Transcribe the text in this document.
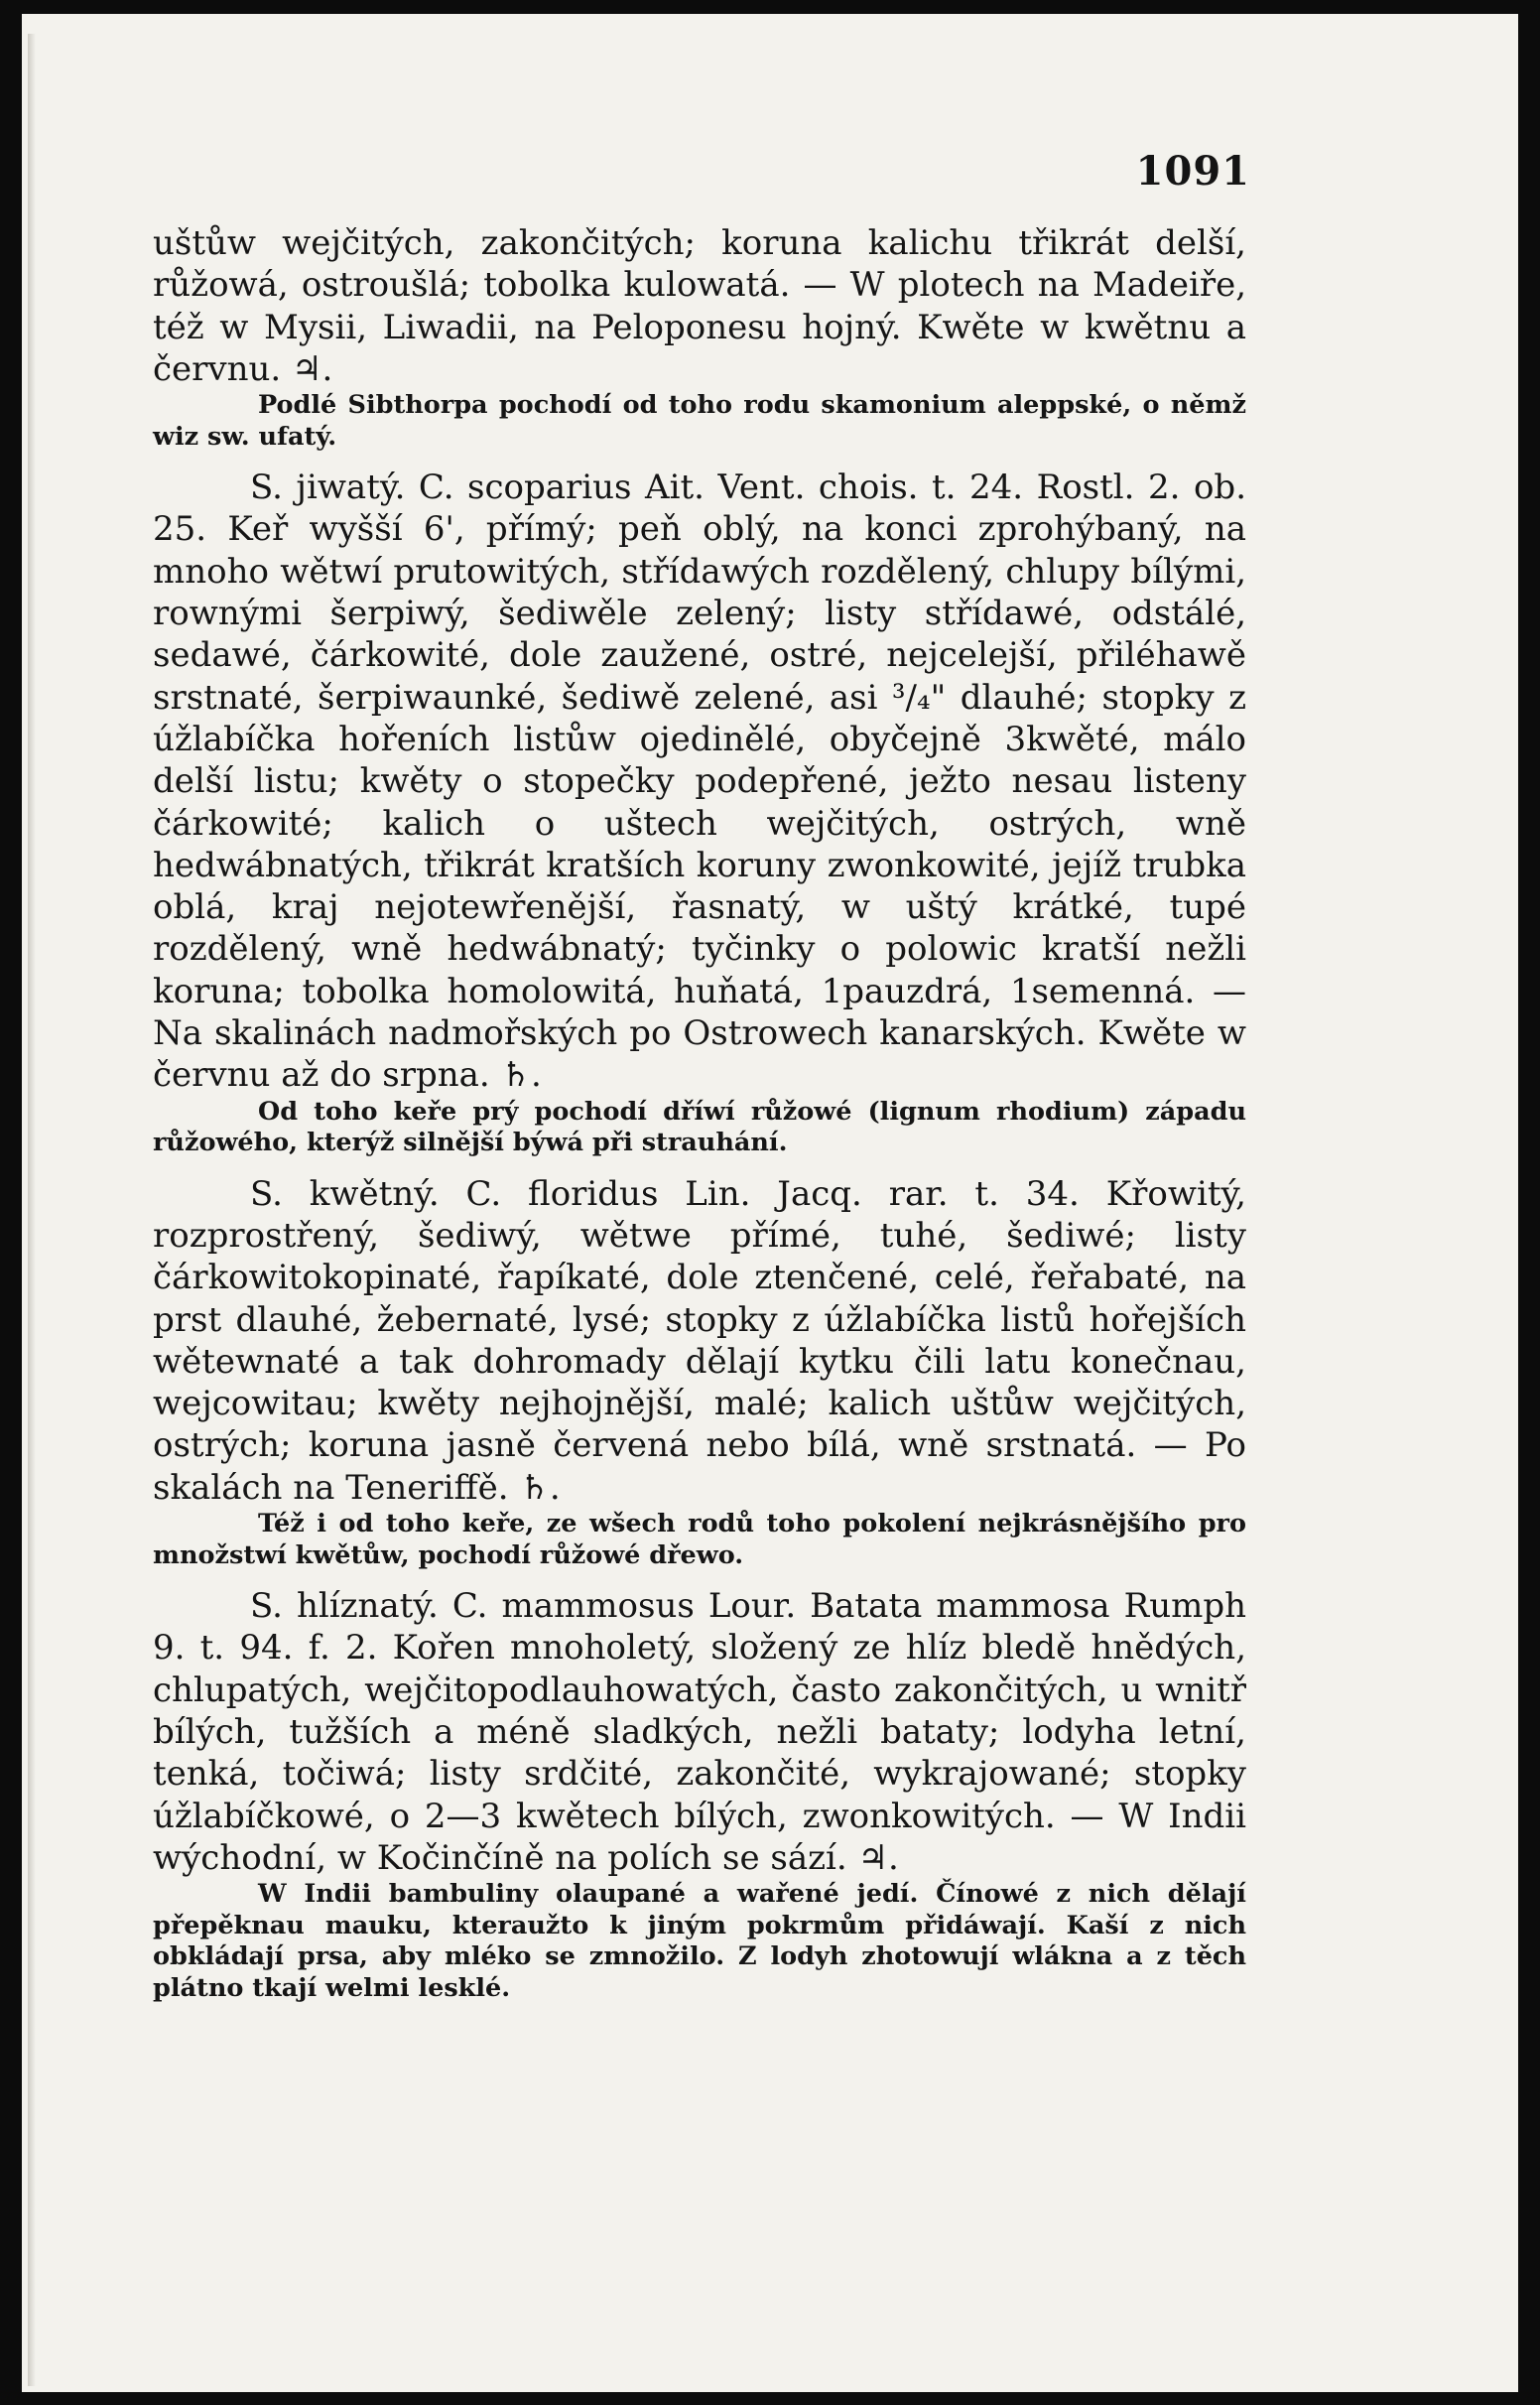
1091

uštůw wejčitých, zakončitých; koruna kalichu třikrát delší, růžowá, ostroušlá; tobolka kulowatá. — W plotech na Madeiře, též w Mysii, Liwadii, na Peloponesu hojný. Kwěte w kwětnu a červnu. ♃.

Podlé Sibthorpa pochodí od toho rodu skamonium aleppské, o němž wiz sw. ufatý.

S. jiwatý. C. scoparius Ait. Vent. chois. t. 24. Rostl. 2. ob. 25. Keř wyšší 6', přímý; peň oblý, na konci zprohýbaný, na mnoho wětwí prutowitých, střídawých rozdělený, chlupy bílými, rownými šerpiwý, šediwěle zelený; listy střídawé, odstálé, sedawé, čárkowité, dole zaužené, ostré, nejcelejší, přiléhawě srstnaté, šerpiwaunké, šediwě zelené, asi ³/₄" dlauhé; stopky z úžlabíčka hořeních listůw ojedinělé, obyčejně 3kwěté, málo delší listu; kwěty o stopečky podepřené, ježto nesau listeny čárkowité; kalich o uštech wejčitých, ostrých, wně hedwábnatých, třikrát kratších koruny zwonkowité, jejíž trubka oblá, kraj nejotewřenější, řasnatý, w uštý krátké, tupé rozdělený, wně hedwábnatý; tyčinky o polowic kratší nežli koruna; tobolka homolowitá, huňatá, 1pauzdrá, 1semenná. — Na skalinách nadmořských po Ostrowech kanarských. Kwěte w červnu až do srpna. ♄.

Od toho keře prý pochodí dříwí růžowé (lignum rhodium) západu růžowého, kterýž silnější býwá při strauhání.

S. kwětný. C. floridus Lin. Jacq. rar. t. 34. Křowitý, rozprostřený, šediwý, wětwe přímé, tuhé, šediwé; listy čárkowitokopinaté, řapíkaté, dole ztenčené, celé, řeřabaté, na prst dlauhé, žebernaté, lysé; stopky z úžlabíčka listů hořejších wětewnaté a tak dohromady dělají kytku čili latu konečnau, wejcowitau; kwěty nejhojnější, malé; kalich uštůw wejčitých, ostrých; koruna jasně červená nebo bílá, wně srstnatá. — Po skalách na Teneriffě. ♄.

Též i od toho keře, ze wšech rodů toho pokolení nejkrásnějšího pro množstwí kwětůw, pochodí růžowé dřewo.

S. hlíznatý. C. mammosus Lour. Batata mammosa Rumph 9. t. 94. f. 2. Kořen mnoholetý, složený ze hlíz bledě hnědých, chlupatých, wejčitopodlauhowatých, často zakončitých, u wnitř bílých, tužších a méně sladkých, nežli bataty; lodyha letní, tenká, točiwá; listy srdčité, zakončité, wykrajowané; stopky úžlabíčkowé, o 2—3 kwětech bílých, zwonkowitých. — W Indii wýchodní, w Kočinčíně na polích se sází. ♃.

W Indii bambuliny olaupané a wařené jedí. Čínowé z nich dělají přepěknau mauku, kteraužto k jiným pokrmům přidáwají. Kaší z nich obkládají prsa, aby mléko se zmnožilo. Z lodyh zhotowují wlákna a z těch plátno tkají welmi lesklé.
